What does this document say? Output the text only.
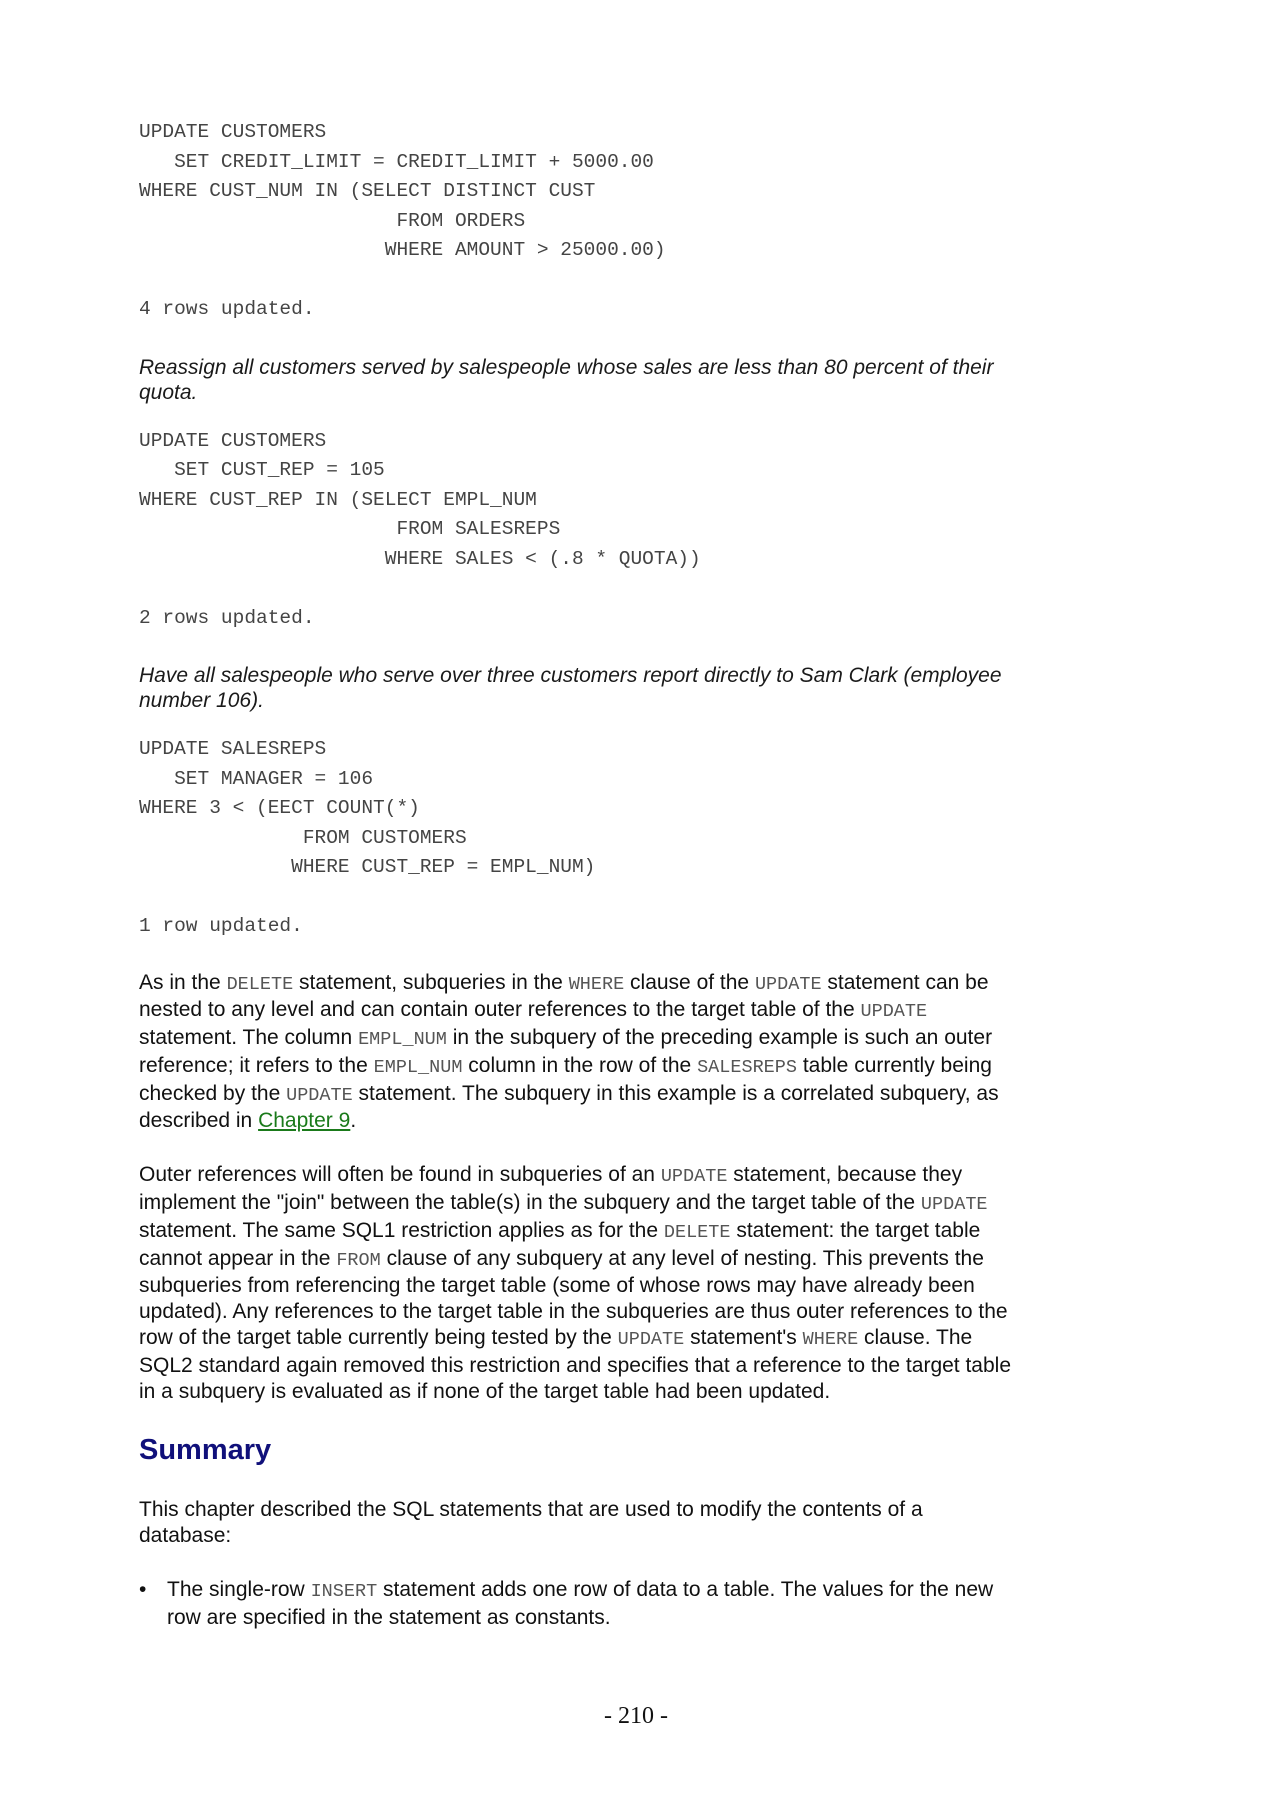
UPDATE CUSTOMERS
SET CREDIT_LIMIT = CREDIT_LIMIT + 5000.00
WHERE CUST_NUM IN (SELECT DISTINCT CUST
FROM ORDERS
WHERE AMOUNT > 25000.00)
4 rows updated.

Reassign all customers served by salespeople whose sales are less than 80 percent of their quota.

UPDATE CUSTOMERS
SET CUST_REP = 105
WHERE CUST_REP IN (SELECT EMPL_NUM
FROM SALESREPS
WHERE SALES < (.8 * QUOTA))
2 rows updated.

Have all salespeople who serve over three customers report directly to Sam Clark (employee number 106).

UPDATE SALESREPS
SET MANAGER = 106
WHERE 3 < (EECT COUNT(*)
FROM CUSTOMERS
WHERE CUST_REP = EMPL_NUM)
1 row updated.

As in the DELETE statement, subqueries in the WHERE clause of the UPDATE statement can be nested to any level and can contain outer references to the target table of the UPDATE statement. The column EMPL_NUM in the subquery of the preceding example is such an outer reference; it refers to the EMPL_NUM column in the row of the SALESREPS table currently being checked by the UPDATE statement. The subquery in this example is a correlated subquery, as described in Chapter 9.

Outer references will often be found in subqueries of an UPDATE statement, because they implement the "join" between the table(s) in the subquery and the target table of the UPDATE statement. The same SQL1 restriction applies as for the DELETE statement: the target table cannot appear in the FROM clause of any subquery at any level of nesting. This prevents the subqueries from referencing the target table (some of whose rows may have already been updated). Any references to the target table in the subqueries are thus outer references to the row of the target table currently being tested by the UPDATE statement's WHERE clause. The SQL2 standard again removed this restriction and specifies that a reference to the target table in a subquery is evaluated as if none of the target table had been updated.

Summary

This chapter described the SQL statements that are used to modify the contents of a database:

• The single-row INSERT statement adds one row of data to a table. The values for the new row are specified in the statement as constants.

- 210 -
